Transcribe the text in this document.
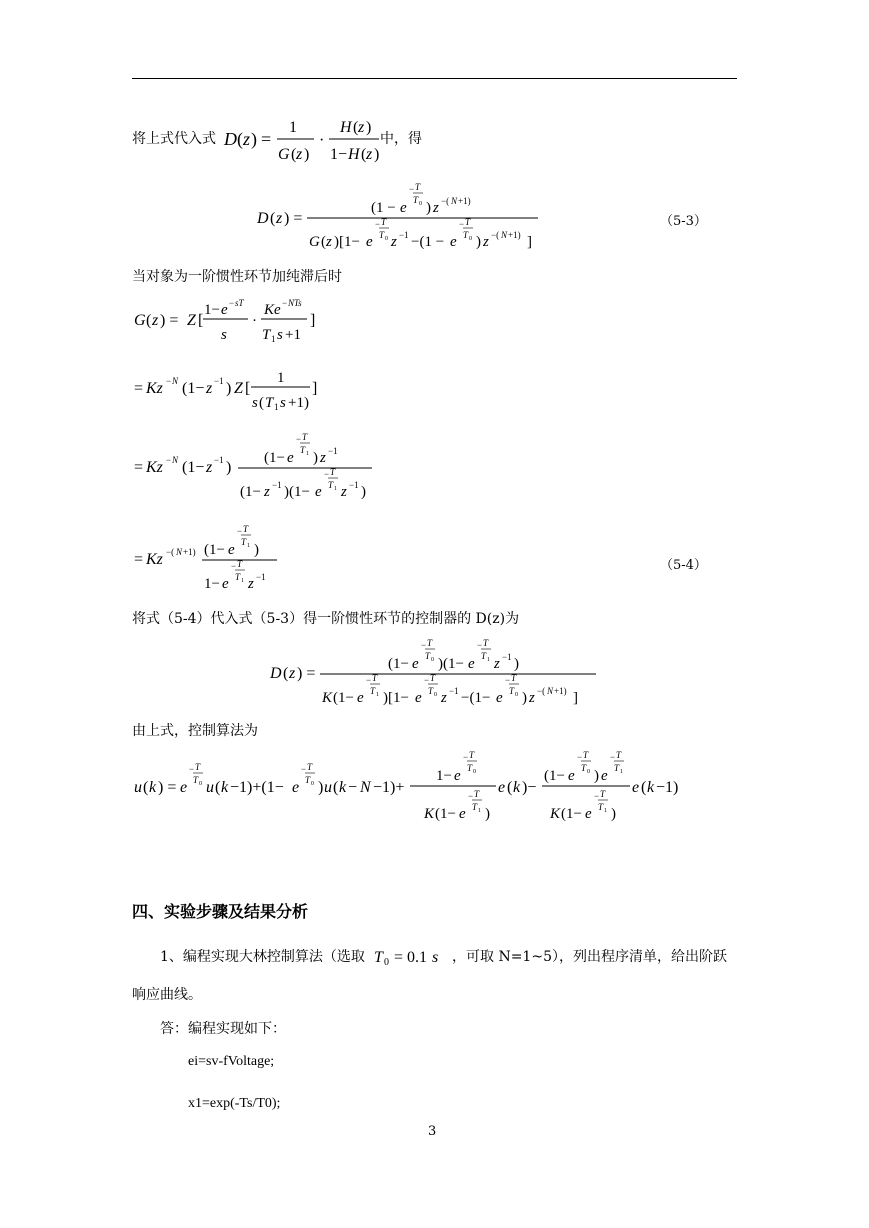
将上式代入式 D ( z ) =
1
G ( z )
·
H ( z )
1− H ( z )
中，得
D ( z ) =
(1 − e
− T
T 0 ) z −( N +1)
G ( z )[1− e
− T
T 0 z −1 −(1 − e
− T
T 0 ) z −( N +1) ]
（5-3）
当对象为一阶惯性环节加纯滞后时
G ( z ) = Z [
1− e − sT
s
·
Ke − NTs
T 1 s +1
]
= Kz − N (1− z −1 ) Z [
1
s ( T 1 s +1)
]
= Kz − N (1− z −1 )
(1− e
− T
T 1 ) z −1
(1− z −1 )(1− e
− T
T 1 z −1 )
= Kz −( N +1) (1− e
− T
T 1 )
1− e
− T
T 1 z −1
（5-4）
将式（5-4）代入式（5-3）得一阶惯性环节的控制器的 D(z)为
D ( z ) =
(1− e
− T
T 0 )(1− e
− T
T 1 z −1 )
K (1− e
− T
T 1 )[1− e
− T
T 0 z −1 −(1− e
− T
T 0 ) z −( N +1) ]
由上式，控制算法为
u ( k ) = e
− T
T 0 u ( k −1)+(1− e
− T
T 0 ) u ( k − N −1)+
1− e
− T
T 0
K (1− e
− T
T 1 )
e ( k )−
(1− e
− T
T 0 ) e
− T
T 1
K (1− e
− T
T 1 )
e ( k −1)
四、实验步骤及结果分析
1、编程实现大林控制算法（选取 T 0 = 0.1 s ，可取 N=1~5），列出程序清单，给出阶跃
响应曲线。
答：编程实现如下：
ei=sv-fVoltage;
x1=exp(-Ts/T0);
3
